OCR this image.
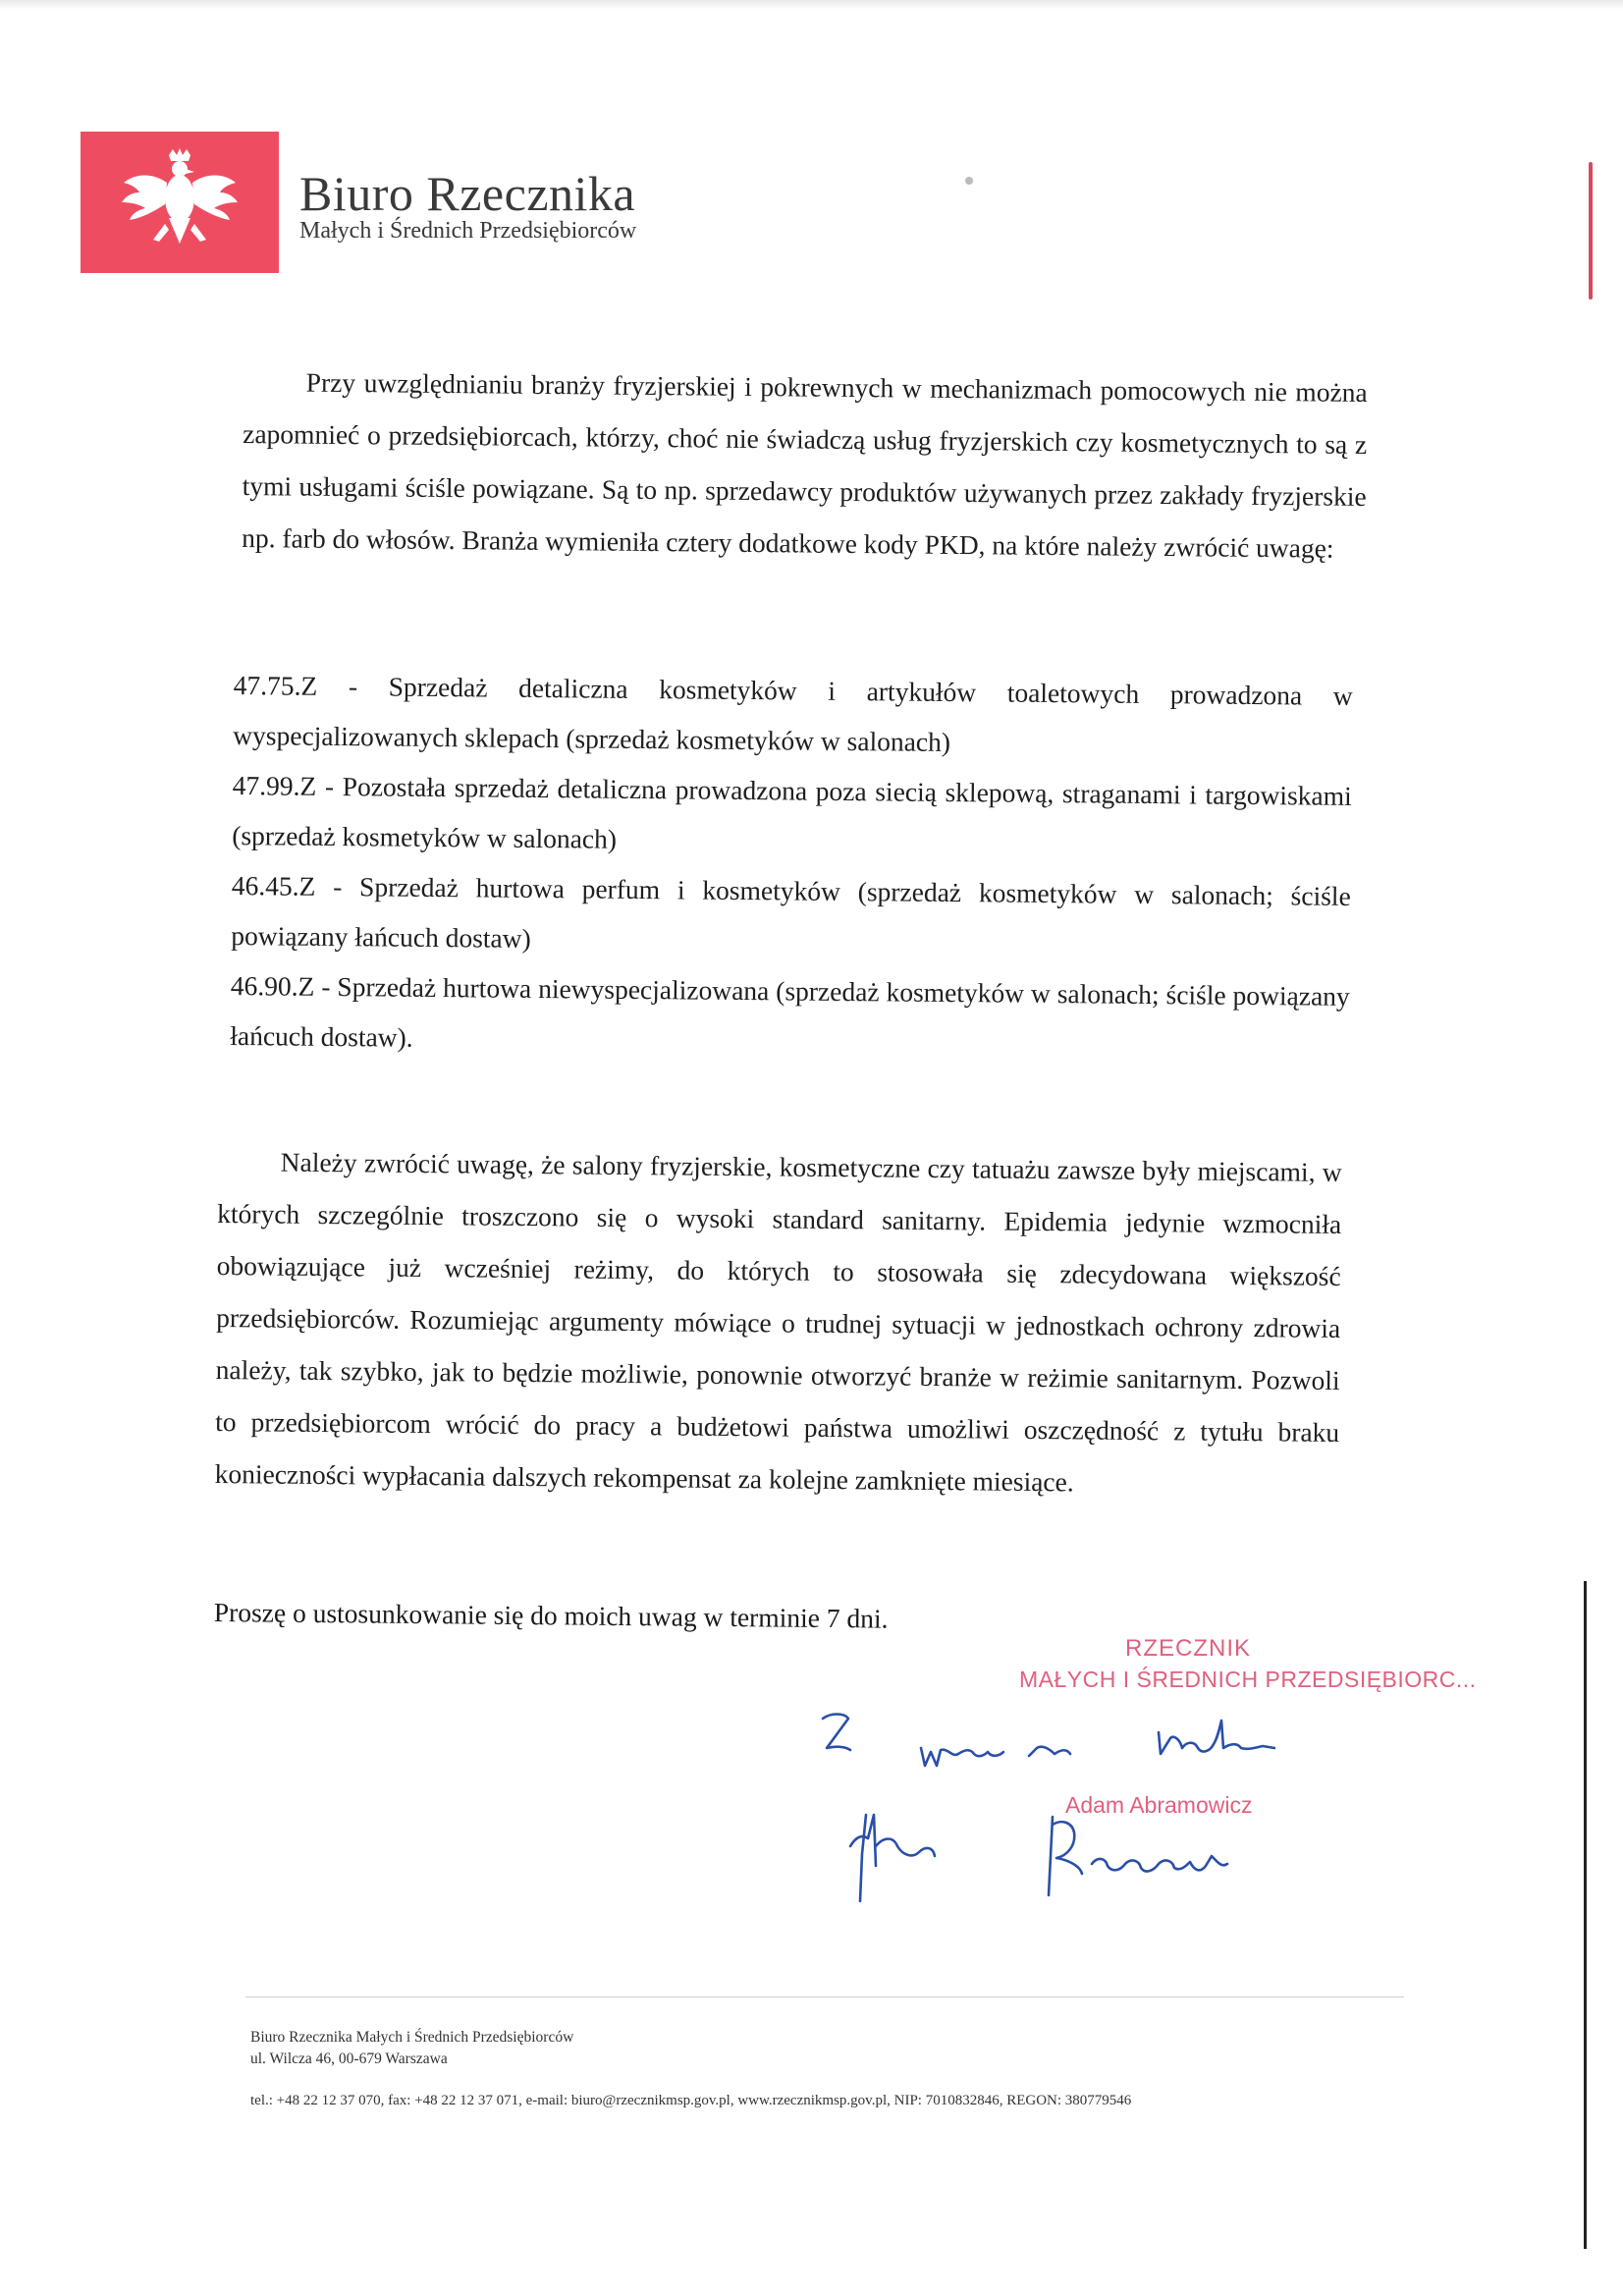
Biuro Rzecznika
Małych i Średnich Przedsiębiorców

Przy uwzględnianiu branży fryzjerskiej i pokrewnych w mechanizmach pomocowych nie można zapomnieć o przedsiębiorcach, którzy, choć nie świadczą usług fryzjerskich czy kosmetycznych to są z tymi usługami ściśle powiązane. Są to np. sprzedawcy produktów używanych przez zakłady fryzjerskie np. farb do włosów. Branża wymieniła cztery dodatkowe kody PKD, na które należy zwrócić uwagę:

47.75.Z - Sprzedaż detaliczna kosmetyków i artykułów toaletowych prowadzona w wyspecjalizowanych sklepach (sprzedaż kosmetyków w salonach)

47.99.Z - Pozostała sprzedaż detaliczna prowadzona poza siecią sklepową, straganami i targowiskami (sprzedaż kosmetyków w salonach)

46.45.Z - Sprzedaż hurtowa perfum i kosmetyków (sprzedaż kosmetyków w salonach; ściśle powiązany łańcuch dostaw)

46.90.Z - Sprzedaż hurtowa niewyspecjalizowana (sprzedaż kosmetyków w salonach; ściśle powiązany łańcuch dostaw).

Należy zwrócić uwagę, że salony fryzjerskie, kosmetyczne czy tatuażu zawsze były miejscami, w których szczególnie troszczono się o wysoki standard sanitarny. Epidemia jedynie wzmocniła obowiązujące już wcześniej reżimy, do których to stosowała się zdecydowana większość przedsiębiorców. Rozumiejąc argumenty mówiące o trudnej sytuacji w jednostkach ochrony zdrowia należy, tak szybko, jak to będzie możliwie, ponownie otworzyć branże w reżimie sanitarnym. Pozwoli to przedsiębiorcom wrócić do pracy a budżetowi państwa umożliwi oszczędność z tytułu braku konieczności wypłacania dalszych rekompensat za kolejne zamknięte miesiące.

Proszę o ustosunkowanie się do moich uwag w terminie 7 dni.
RZECZNIK
MAŁYCH I ŚREDNICH PRZEDSIĘBIORC...
Adam Abramowicz
Biuro Rzecznika Małych i Średnich Przedsiębiorców
ul. Wilcza 46, 00-679 Warszawa
tel.: +48 22 12 37 070, fax: +48 22 12 37 071, e-mail: biuro@rzecznikmsp.gov.pl, www.rzecznikmsp.gov.pl, NIP: 7010832846, REGON: 380779546
